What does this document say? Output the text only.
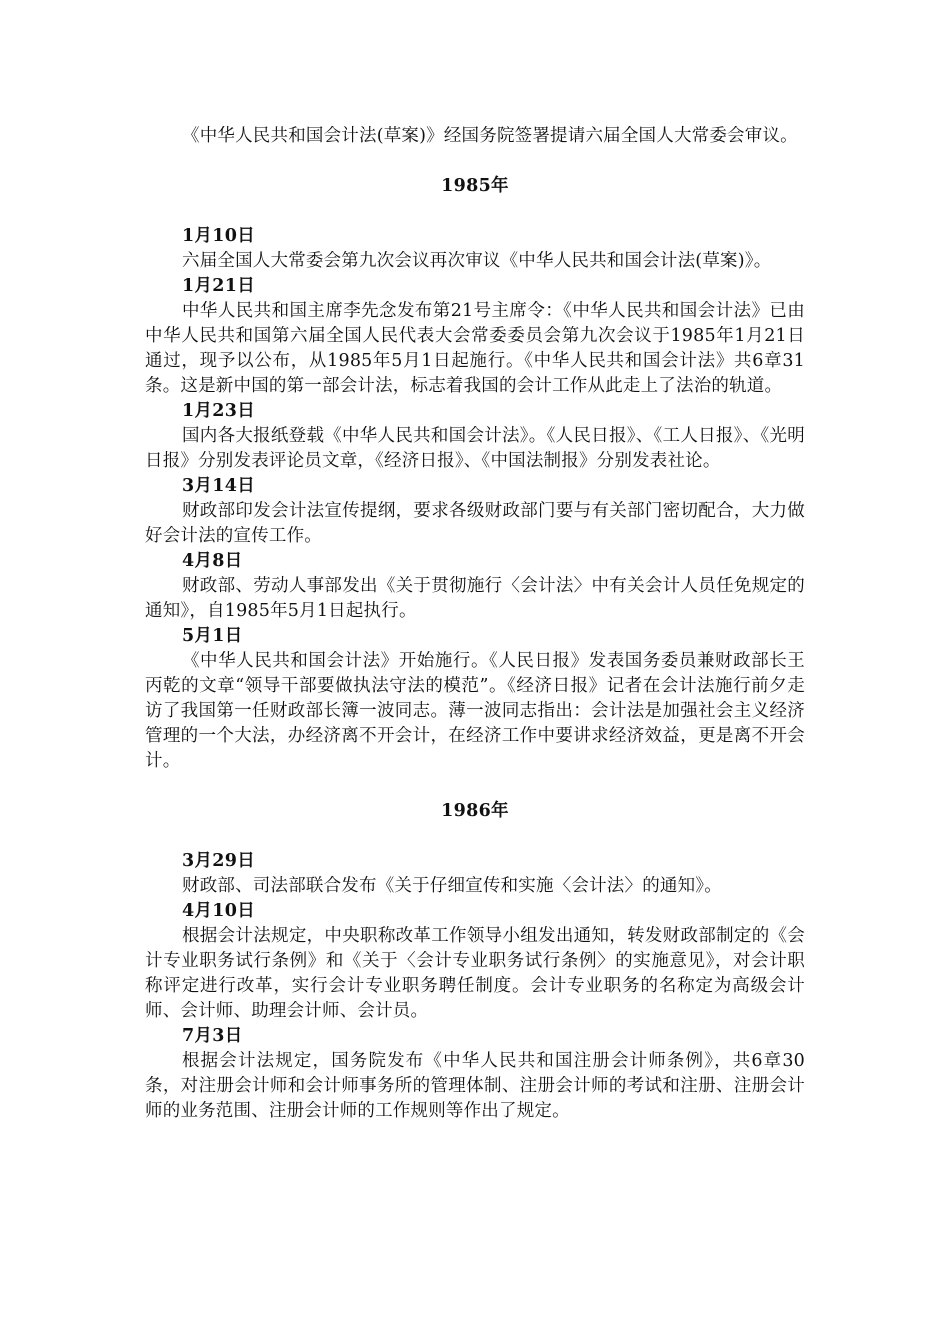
《中华人民共和国会计法(草案)》经国务院签署提请六届全国人大常委会审议。

1985年
1月10日

六届全国人大常委会第九次会议再次审议《中华人民共和国会计法(草案)》。

1月21日

中华人民共和国主席李先念发布第21号主席令：《中华人民共和国会计法》已由中华人民共和国第六届全国人民代表大会常委委员会第九次会议于1985年1月21日通过，现予以公布，从1985年5月1日起施行。《中华人民共和国会计法》共6章31条。这是新中国的第一部会计法，标志着我国的会计工作从此走上了法治的轨道。

1月23日

国内各大报纸登载《中华人民共和国会计法》。《人民日报》、《工人日报》、《光明日报》分别发表评论员文章，《经济日报》、《中国法制报》分别发表社论。

3月14日

财政部印发会计法宣传提纲，要求各级财政部门要与有关部门密切配合，大力做好会计法的宣传工作。

4月8日

财政部、劳动人事部发出《关于贯彻施行〈会计法〉中有关会计人员任免规定的通知》，自1985年5月1日起执行。

5月1日

《中华人民共和国会计法》开始施行。《人民日报》发表国务委员兼财政部长王丙乾的文章“领导干部要做执法守法的模范”。《经济日报》记者在会计法施行前夕走访了我国第一任财政部长簿一波同志。薄一波同志指出：会计法是加强社会主义经济管理的一个大法，办经济离不开会计，在经济工作中要讲求经济效益，更是离不开会计。

1986年
3月29日

财政部、司法部联合发布《关于仔细宣传和实施〈会计法〉的通知》。

4月10日

根据会计法规定，中央职称改革工作领导小组发出通知，转发财政部制定的《会计专业职务试行条例》和《关于〈会计专业职务试行条例〉的实施意见》，对会计职称评定进行改革，实行会计专业职务聘任制度。会计专业职务的名称定为高级会计师、会计师、助理会计师、会计员。

7月3日

根据会计法规定，国务院发布《中华人民共和国注册会计师条例》，共6章30条，对注册会计师和会计师事务所的管理体制、注册会计师的考试和注册、注册会计师的业务范围、注册会计师的工作规则等作出了规定。
